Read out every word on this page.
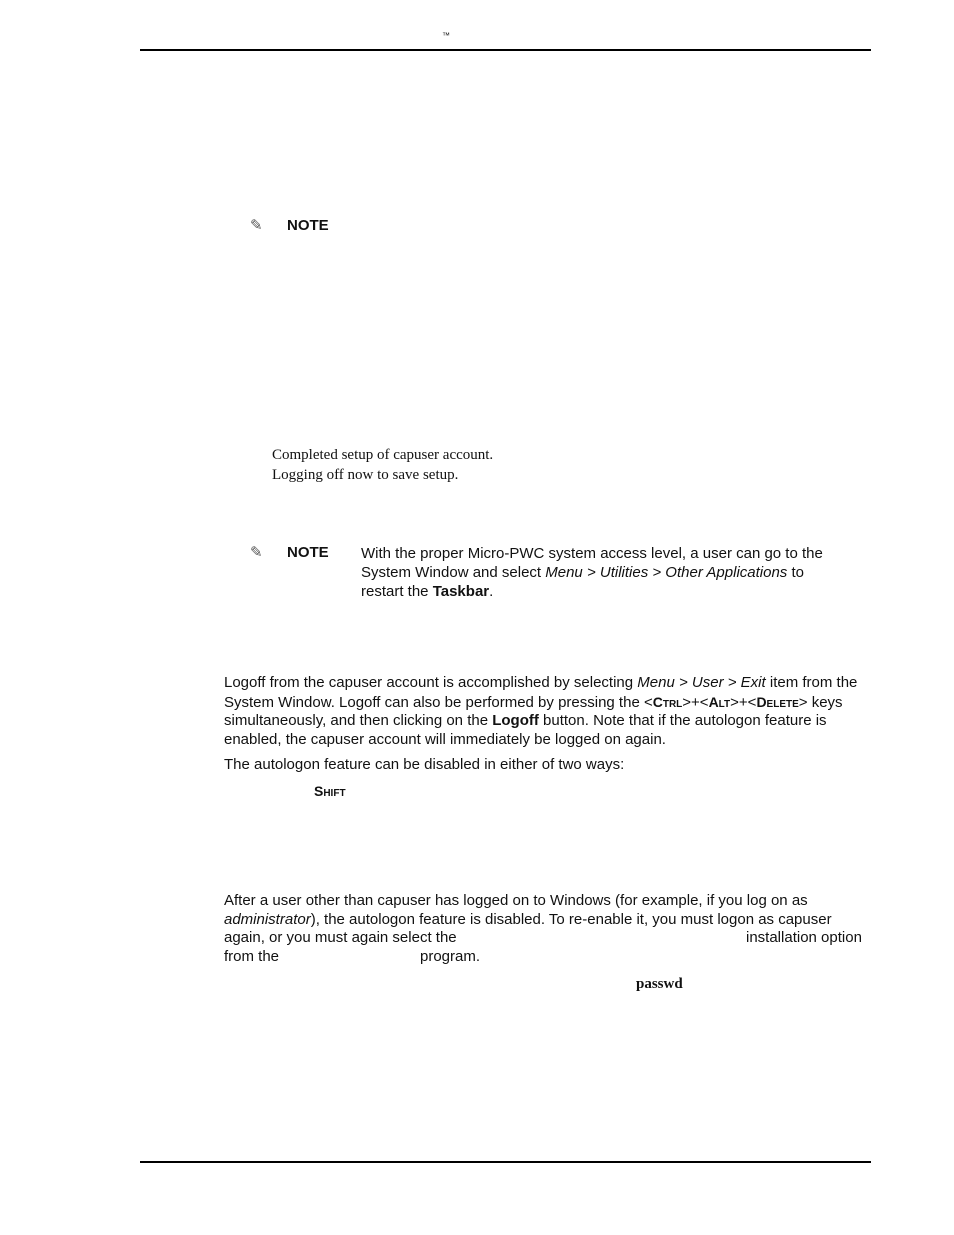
™
✎ NOTE
Completed setup of capuser account.
Logging off now to save setup.
✎ NOTE With the proper Micro-PWC system access level, a user can go to the System Window and select Menu > Utilities > Other Applications to restart the Taskbar.
Logoff from the capuser account is accomplished by selecting Menu > User > Exit item from the System Window. Logoff can also be performed by pressing the <Ctrl>+<Alt>+<Delete> keys simultaneously, and then clicking on the Logoff button. Note that if the autologon feature is enabled, the capuser account will immediately be logged on again.
The autologon feature can be disabled in either of two ways:
Shift
After a user other than capuser has logged on to Windows (for example, if you log on as administrator), the autologon feature is disabled. To re-enable it, you must logon as capuser again, or you must again select the	installation option
from the	program.
passwd
